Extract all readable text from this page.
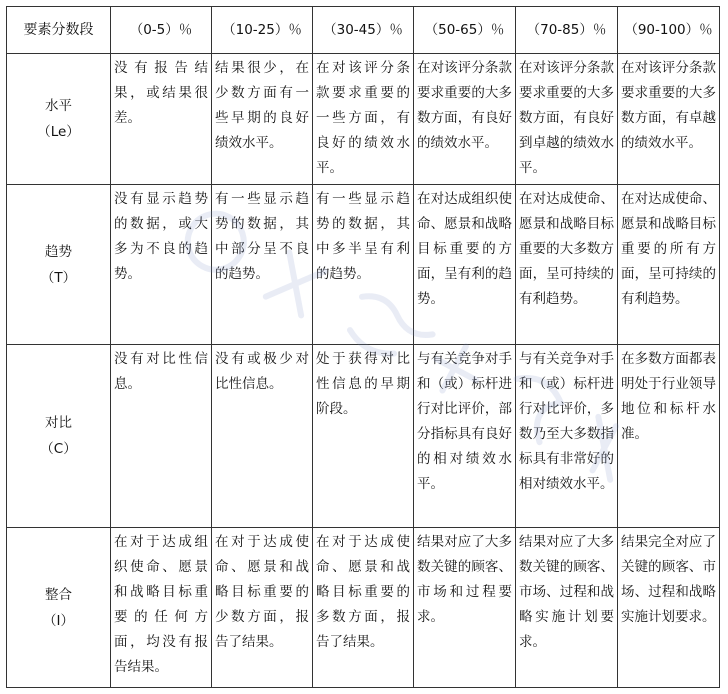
要素分数段	（0-5）％	（10-25）％	（30-45）％	（50-65）％	（70-85）％	（90-100）％

水平
（Le）	没有报告结果，或结果很差。	结果很少，在少数方面有一些早期的良好绩效水平。	在对该评分条款要求重要的一些方面，有良好的绩效水平。	在对该评分条款要求重要的大多数方面，有良好的绩效水平。	在对该评分条款要求重要的大多数方面，有良好到卓越的绩效水平。	在对该评分条款要求重要的大多数方面，有卓越的绩效水平。

趋势
（T）	没有显示趋势的数据，或大多为不良的趋势。	有一些显示趋势的数据，其中部分呈不良的趋势。	有一些显示趋势的数据，其中多半呈有利的趋势。	在对达成组织使命、愿景和战略目标重要的方面，呈有利的趋势。	在对达成使命、愿景和战略目标重要的大多数方面，呈可持续的有利趋势。	在对达成使命、愿景和战略目标重要的所有方面，呈可持续的有利趋势。

对比
（C）	没有对比性信息。	没有或极少对比性信息。	处于获得对比性信息的早期阶段。	与有关竞争对手和（或）标杆进行对比评价，部分指标具有良好的相对绩效水平。	与有关竞争对手和（或）标杆进行对比评价，多数乃至大多数指标具有非常好的相对绩效水平。	在多数方面都表明处于行业领导地位和标杆水准。

整合
（I）	在对于达成组织使命、愿景和战略目标重要的任何方面，均没有报告结果。	在对于达成使命、愿景和战略目标重要的少数方面，报告了结果。	在对于达成使命、愿景和战略目标重要的多数方面，报告了结果。	结果对应了大多数关键的顾客、市场和过程要求。	结果对应了大多数关键的顾客、市场、过程和战略实施计划要求。	结果完全对应了关键的顾客、市场、过程和战略实施计划要求。
